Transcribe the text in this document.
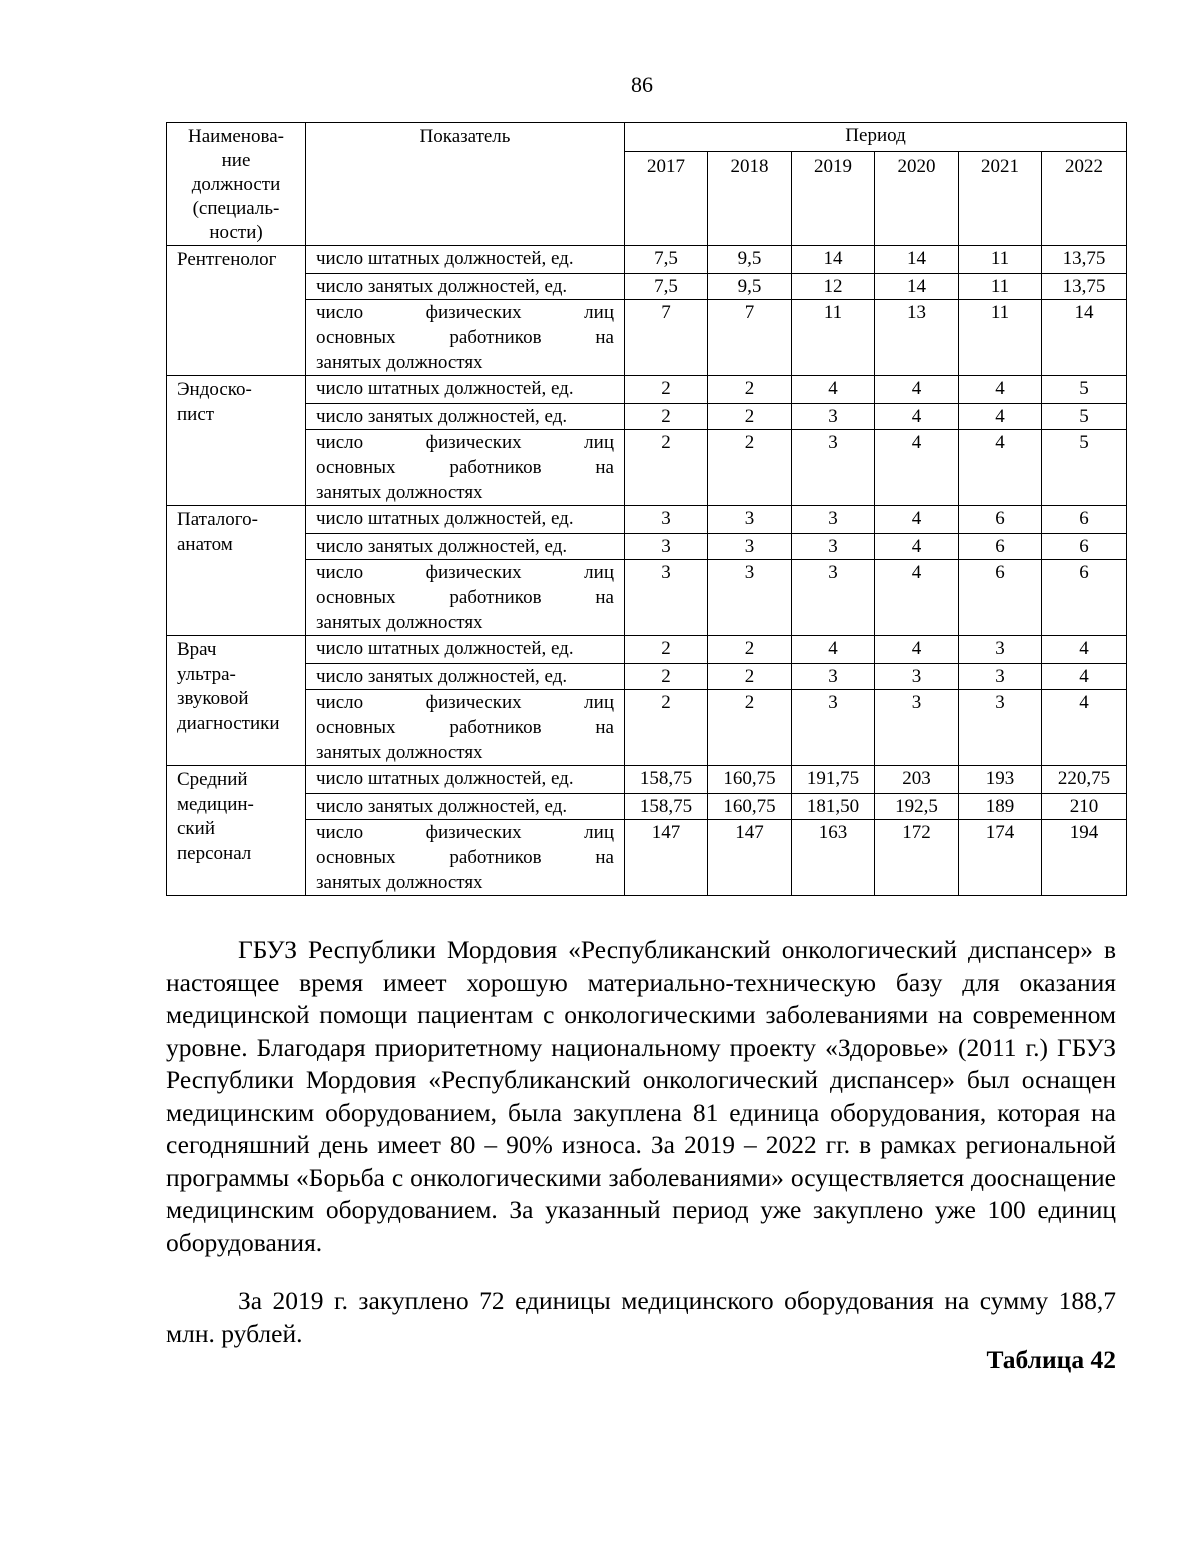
86
Наименова-
ние
должности
(специаль-
ности)	Показатель	Период					
		2017	2018	2019	2020	2021	2022

Рентгенолог	число штатных должностей, ед.	7,5	9,5	14	14	11	13,75
	число занятых должностей, ед.	7,5	9,5	12	14	11	13,75

	число физических лиц
основных работников на
занятых должностях	7	7	11	13	11	14

Эндоско-
пист	число штатных должностей, ед.	2	2	4	4	4	5
	число занятых должностей, ед.	2	2	3	4	4	5

	число физических лиц
основных работников на
занятых должностях	2	2	3	4	4	5

Паталого-
анатом	число штатных должностей, ед.	3	3	3	4	6	6
	число занятых должностей, ед.	3	3	3	4	6	6

	число физических лиц
основных работников на
занятых должностях	3	3	3	4	6	6

Врач
ультра-
звуковой
диагностики	число штатных должностей, ед.	2	2	4	4	3	4
	число занятых должностей, ед.	2	2	3	3	3	4

	число физических лиц
основных работников на
занятых должностях	2	2	3	3	3	4

Средний
медицин-
ский
персонал	число штатных должностей, ед.	158,75	160,75	191,75	203	193	220,75
	число занятых должностей, ед.	158,75	160,75	181,50	192,5	189	210

	число физических лиц
основных работников на
занятых должностях	147	147	163	172	174	194
ГБУЗ Республики Мордовия «Республиканский онкологический диспансер» в настоящее время имеет хорошую материально-техническую базу для оказания медицинской помощи пациентам с онкологическими заболеваниями на современном уровне. Благодаря приоритетному национальному проекту «Здоровье» (2011 г.) ГБУЗ Республики Мордовия «Республиканский онкологический диспансер» был оснащен медицинским оборудованием, была закуплена 81 единица оборудования, которая на сегодняшний день имеет 80 – 90% износа. За 2019 – 2022 гг. в рамках региональной программы «Борьба с онкологическими заболеваниями» осуществляется дооснащение медицинским оборудованием. За указанный период уже закуплено уже 100 единиц оборудования.
За 2019 г. закуплено 72 единицы медицинского оборудования на сумму 188,7 млн. рублей.
Таблица 42
